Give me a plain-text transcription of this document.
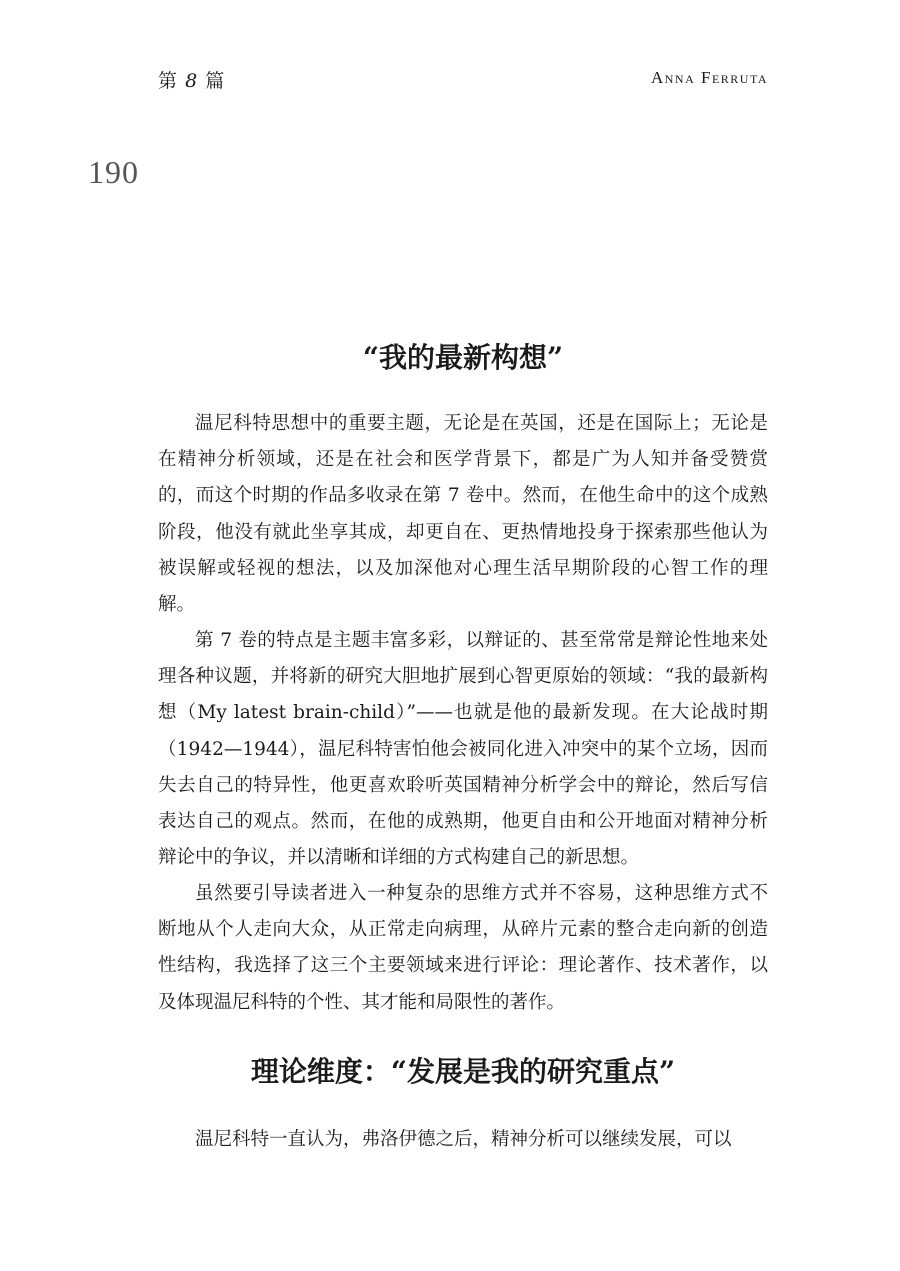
第 8 篇	Anna Ferruta
190
“我的最新构想”

温尼科特思想中的重要主题，无论是在英国，还是在国际上；无论是在精神分析领域，还是在社会和医学背景下，都是广为人知并备受赞赏的，而这个时期的作品多收录在第 7 卷中。然而，在他生命中的这个成熟阶段，他没有就此坐享其成，却更自在、更热情地投身于探索那些他认为被误解或轻视的想法，以及加深他对心理生活早期阶段的心智工作的理解。

第 7 卷的特点是主题丰富多彩，以辩证的、甚至常常是辩论性地来处理各种议题，并将新的研究大胆地扩展到心智更原始的领域：“我的最新构想（My latest brain-child）”——也就是他的最新发现。在大论战时期（1942—1944），温尼科特害怕他会被同化进入冲突中的某个立场，因而失去自己的特异性，他更喜欢聆听英国精神分析学会中的辩论，然后写信表达自己的观点。然而，在他的成熟期，他更自由和公开地面对精神分析辩论中的争议，并以清晰和详细的方式构建自己的新思想。

虽然要引导读者进入一种复杂的思维方式并不容易，这种思维方式不断地从个人走向大众，从正常走向病理，从碎片元素的整合走向新的创造性结构，我选择了这三个主要领域来进行评论：理论著作、技术著作，以及体现温尼科特的个性、其才能和局限性的著作。

理论维度：“发展是我的研究重点”

温尼科特一直认为，弗洛伊德之后，精神分析可以继续发展，可以
